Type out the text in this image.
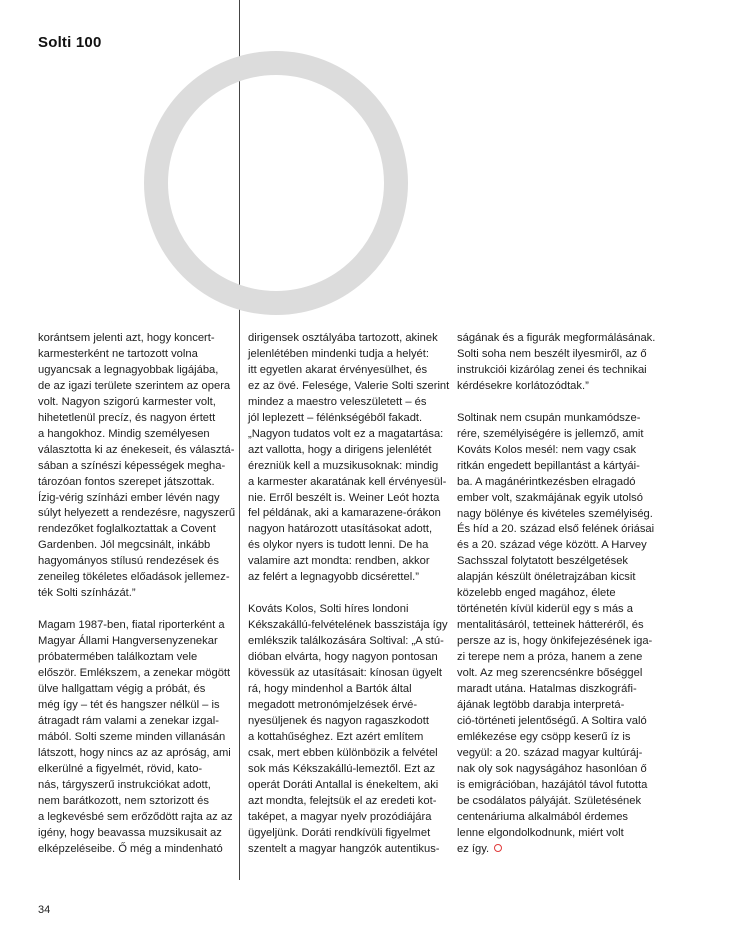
Solti 100

korántsem jelenti azt, hogy koncert-
karmesterként ne tartozott volna
ugyancsak a legnagyobbak ligájába,
de az igazi területe szerintem az opera
volt. Nagyon szigorú karmester volt,
hihetetlenül precíz, és nagyon értett
a hangokhoz. Mindig személyesen
választotta ki az énekeseit, és választá-
sában a színészi képességek megha-
tározóan fontos szerepet játszottak.
Ízig-vérig színházi ember lévén nagy
súlyt helyezett a rendezésre, nagyszerű
rendezőket foglalkoztattak a Covent
Gardenben. Jól megcsinált, inkább
hagyományos stílusú rendezések és
zeneileg tökéletes előadások jellemez-
ték Solti színházát.”

Magam 1987-ben, fiatal riporterként a
Magyar Állami Hangversenyzenekar
próbatermében találkoztam vele
először. Emlékszem, a zenekar mögött
ülve hallgattam végig a próbát, és
még így – tét és hangszer nélkül – is
átragadt rám valami a zenekar izgal-
mából. Solti szeme minden villanásán
látszott, hogy nincs az az apróság, ami
elkerülné a figyelmét, rövid, kato-
nás, tárgyszerű instrukciókat adott,
nem barátkozott, nem sztorizott és
a legkevésbé sem erőződött rajta az az
igény, hogy beavassa muzsikusait az
elképzeléseibe. Ő még a mindenható

dirigensek osztályába tartozott, akinek
jelenlétében mindenki tudja a helyét:
itt egyetlen akarat érvényesülhet, és
ez az övé. Felesége, Valerie Solti szerint
mindez a maestro veleszületett – és
jól leplezett – félénkségéből fakadt.
„Nagyon tudatos volt ez a magatartása:
azt vallotta, hogy a dirigens jelenlétét
érezniük kell a muzsikusoknak: mindig
a karmester akaratának kell érvényesül-
nie. Erről beszélt is. Weiner Leót hozta
fel példának, aki a kamarazene-órákon
nagyon határozott utasításokat adott,
és olykor nyers is tudott lenni. De ha
valamire azt mondta: rendben, akkor
az felért a legnagyobb dicsérettel.”

Kováts Kolos, Solti híres londoni
Kékszakállú-felvételének basszistája így
emlékszik találkozására Soltival: „A stú-
dióban elvárta, hogy nagyon pontosan
kövessük az utasításait: kínosan ügyelt
rá, hogy mindenhol a Bartók által
megadott metronómjelzések érvé-
nyesüljenek és nagyon ragaszkodott
a kottahűséghez. Ezt azért említem
csak, mert ebben különbözik a felvétel
sok más Kékszakállú-lemeztől. Ezt az
operát Doráti Antallal is énekeltem, aki
azt mondta, felejtsük el az eredeti kot-
taképet, a magyar nyelv prozódiájára
ügyeljünk. Doráti rendkívüli figyelmet
szentelt a magyar hangzók autentikus-

ságának és a figurák megformálásának.
Solti soha nem beszélt ilyesmiről, az ő
instrukciói kizárólag zenei és technikai
kérdésekre korlátozódtak.”

Soltinak nem csupán munkamódsze-
rére, személyiségére is jellemző, amit
Kováts Kolos mesél: nem vagy csak
ritkán engedett bepillantást a kártyái-
ba. A magánérintkezésben elragadó
ember volt, szakmájának egyik utolsó
nagy bölénye és kivételes személyiség.
És híd a 20. század első felének óriásai
és a 20. század vége között. A Harvey
Sachsszal folytatott beszélgetések
alapján készült önéletrajzában kicsit
közelebb enged magához, élete
történetén kívül kiderül egy s más a
mentalitásáról, tetteinek hátteréről, és
persze az is, hogy önkifejezésének iga-
zi terepe nem a próza, hanem a zene
volt. Az meg szerencsénkre bőséggel
maradt utána. Hatalmas diszkográfi-
ájának legtöbb darabja interpretá-
ció-történeti jelentőségű. A Soltira való
emlékezése egy csöpp keserű íz is
vegyül: a 20. század magyar kultúráj-
nak oly sok nagyságához hasonlóan ő
is emigrációban, hazájától távol futotta
be csodálatos pályáját. Születésének
centenáriuma alkalmából érdemes
lenne elgondolkodnunk, miért volt
ez így.

34
